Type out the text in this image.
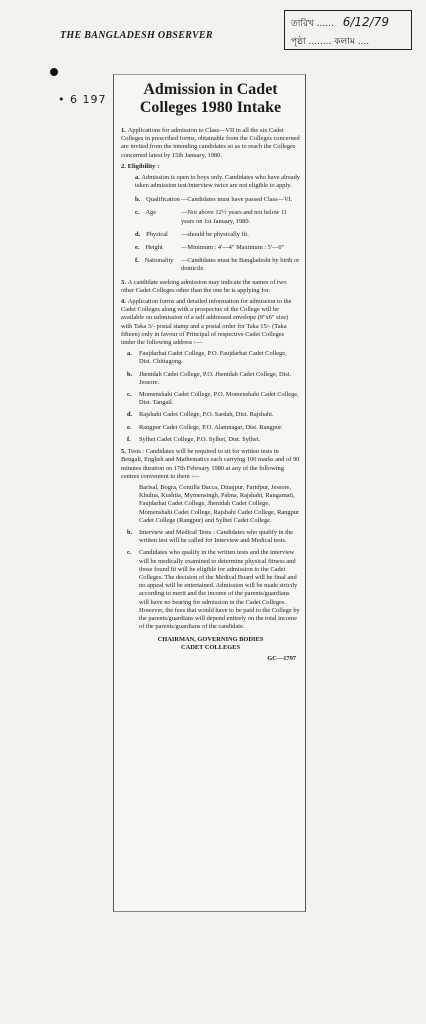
THE BANGLADESH OBSERVER
তারিখ ...... 6/12/79
পৃষ্ঠা ........ কলাম ....
• 6 197
Admission in Cadet
Colleges 1980 Intake
1. Applications for admission to Class—VII in all the six Cadet Colleges in prescribed forms, obtainable from the Colleges concerned are invited from the intending candidates so as to reach the Colleges concerned latest by 15th January, 1980.
2. Eligibility :
a. Admission is open to boys only. Candidates who have already taken admission test/interview twice are not eligible to apply.
b. Qualification —Candidates must have passed Class—VI.
c. Age	—Not above 12½ years and not below 11 years on 1st January, 1980.
d. Physical	—should be physically fit.
e. Height	—Minimum : 4'—4" Maximum : 5'—0"
f. Nationality	—Candidates must be Bangladeshi by birth or domicile.
3. A candidate seeking admission may indicate the names of two other Cadet Colleges other than the one he is applying for.
4. Application forms and detailed information for admission to the Cadet Colleges along with a prospectus of the College will be available on submission of a self addressed envelope (9"x6" size) with Taka 3/- postal stamp and a postal order for Taka 15/- (Taka fifteen) only in favour of Principal of respective Cadet Colleges under the following address :—
a.	Faujdarhat Cadet College, P.O. Faujdarhat Cadet College, Dist. Chittagong.
b.	Jhenidah Cadet College, P.O. Jhenidah Cadet College, Dist. Jessore.
c.	Momenshahi Cadet College, P.O. Momenshahi Cadet College, Dist. Tangail.
d.	Rajshahi Cadet College, P.O. Sardah, Dist. Rajshahi.
e.	Rangpur Cadet College, P.O. Alamnagar, Dist. Rangpur.
f.	Sylhet Cadet College, P.O. Sylhet, Dist. Sylhet.
5. Tests : Candidates will be required to sit for written tests in Bengali, English and Mathematics each carrying 100 marks and of 90 minutes duration on 17th February 1980 at any of the following centres convenient to them :—
Barisal, Bogra, Comilla Dacca, Dinajpur, Faridpur, Jessore, Khulna, Kushtia, Mymensingh, Pabna, Rajshahi, Rangamati, Faujdarhat Cadet College, Jhenidah Cadet College, Momenshahi Cadet College, Rajshahi Cadet College, Rangpur Cadet College (Rangpur) and Sylhet Cadet College.
b.	Interview and Medical Tests : Candidates who qualify in the written test will be called for Interview and Medical tests.
c.	Candidates who qualify in the written tests and the interview will be medically examined to determine physical fitness and those found fit will be eligible for admission to the Cadet Colleges. The decision of the Medical Board will be final and no appeal will be entertained. Admission will be made strictly according to merit and the income of the parents/guardians will have no bearing for admission in the Cadet Colleges. However, the fees that would have to be paid to the College by the parents/guardians will depend entirely on the total income of the parents/guardians of the candidate.
CHAIRMAN, GOVERNING BODIES
CADET COLLEGES
GC—1797
